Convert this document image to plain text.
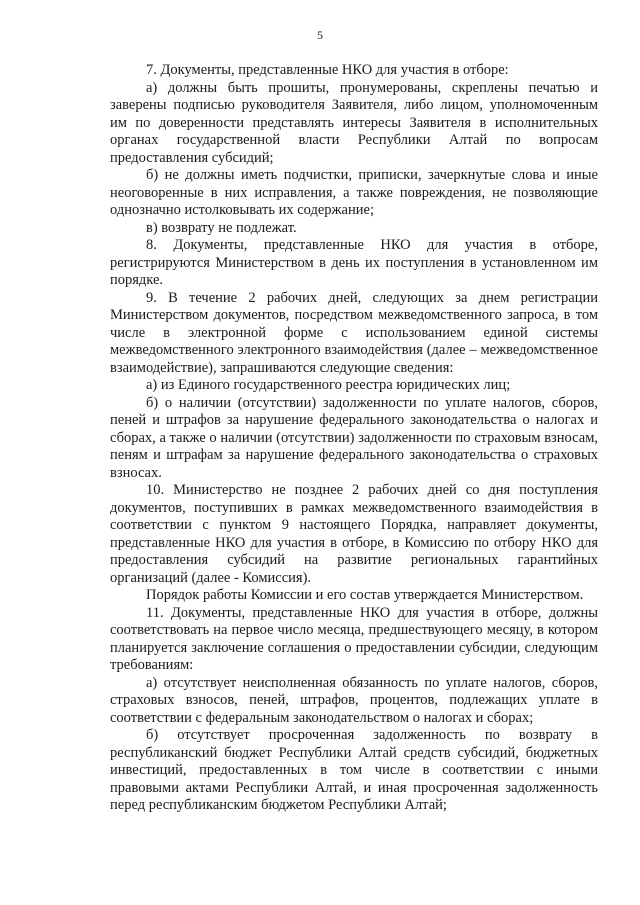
5

7. Документы, представленные НКО для участия в отборе:

а) должны быть прошиты, пронумерованы, скреплены печатью и заверены подписью руководителя Заявителя, либо лицом, уполномоченным им по доверенности представлять интересы Заявителя в исполнительных органах государственной власти Республики Алтай по вопросам предоставления субсидий;

б) не должны иметь подчистки, приписки, зачеркнутые слова и иные неоговоренные в них исправления, а также повреждения, не позволяющие однозначно истолковывать их содержание;

в) возврату не подлежат.

8. Документы, представленные НКО для участия в отборе, регистрируются Министерством в день их поступления в установленном им порядке.

9. В течение 2 рабочих дней, следующих за днем регистрации Министерством документов, посредством межведомственного запроса, в том числе в электронной форме с использованием единой системы межведомственного электронного взаимодействия (далее – межведомственное взаимодействие), запрашиваются следующие сведения:

а) из Единого государственного реестра юридических лиц;

б) о наличии (отсутствии) задолженности по уплате налогов, сборов, пеней и штрафов за нарушение федерального законодательства о налогах и сборах, а также о наличии (отсутствии) задолженности по страховым взносам, пеням и штрафам за нарушение федерального законодательства о страховых взносах.

10. Министерство не позднее 2 рабочих дней со дня поступления документов, поступивших в рамках межведомственного взаимодействия в соответствии с пунктом 9 настоящего Порядка, направляет документы, представленные НКО для участия в отборе, в Комиссию по отбору НКО для предоставления субсидий на развитие региональных гарантийных организаций (далее - Комиссия).

Порядок работы Комиссии и его состав утверждается Министерством.

11. Документы, представленные НКО для участия в отборе, должны соответствовать на первое число месяца, предшествующего месяцу, в котором планируется заключение соглашения о предоставлении субсидии, следующим требованиям:

а) отсутствует неисполненная обязанность по уплате налогов, сборов, страховых взносов, пеней, штрафов, процентов, подлежащих уплате в соответствии с федеральным законодательством о налогах и сборах;

б) отсутствует просроченная задолженность по возврату в республиканский бюджет Республики Алтай средств субсидий, бюджетных инвестиций, предоставленных в том числе в соответствии с иными правовыми актами Республики Алтай, и иная просроченная задолженность перед республиканским бюджетом Республики Алтай;
